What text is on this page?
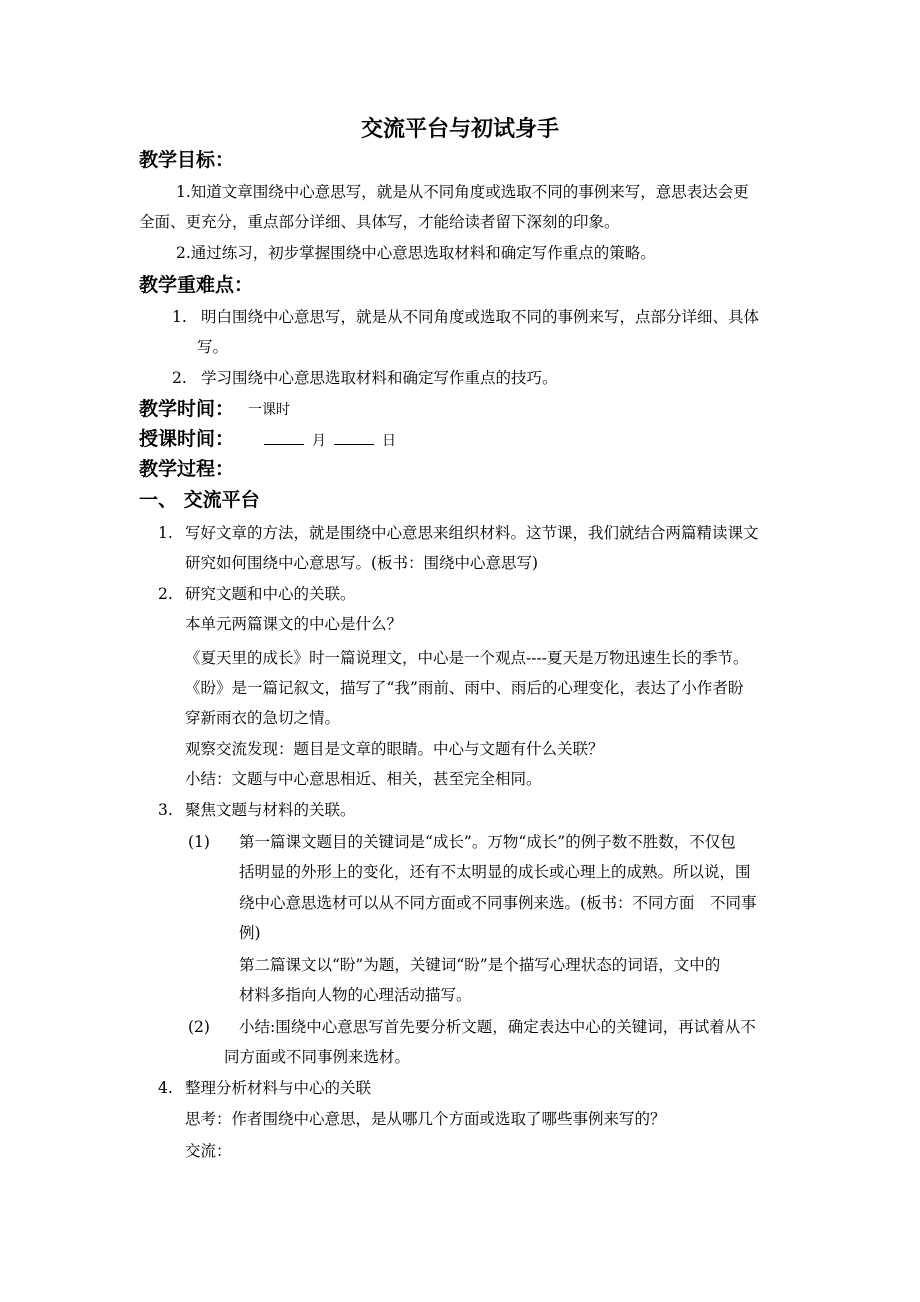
交流平台与初试身手
教学目标：
1.知道文章围绕中心意思写，就是从不同角度或选取不同的事例来写，意思表达会更
全面、更充分，重点部分详细、具体写，才能给读者留下深刻的印象。
2.通过练习，初步掌握围绕中心意思选取材料和确定写作重点的策略。
教学重难点：
1. 明白围绕中心意思写，就是从不同角度或选取不同的事例来写，点部分详细、具体
写。
2. 学习围绕中心意思选取材料和确定写作重点的技巧。
教学时间： 一课时
授课时间：	月	日
教学过程：
一、 交流平台
1. 写好文章的方法，就是围绕中心意思来组织材料。这节课，我们就结合两篇精读课文
研究如何围绕中心意思写。(板书：围绕中心意思写)
2. 研究文题和中心的关联。
本单元两篇课文的中心是什么？
《夏天里的成长》时一篇说理文，中心是一个观点----夏天是万物迅速生长的季节。
《盼》是一篇记叙文，描写了“我”雨前、雨中、雨后的心理变化，表达了小作者盼
穿新雨衣的急切之情。
观察交流发现：题目是文章的眼睛。中心与文题有什么关联？
小结：文题与中心意思相近、相关，甚至完全相同。
3. 聚焦文题与材料的关联。
(1) 第一篇课文题目的关键词是“成长”。万物“成长”的例子数不胜数，不仅包
括明显的外形上的变化，还有不太明显的成长或心理上的成熟。所以说，围
绕中心意思选材可以从不同方面或不同事例来选。(板书：不同方面　不同事
例)
第二篇课文以“盼”为题，关键词“盼”是个描写心理状态的词语，文中的
材料多指向人物的心理活动描写。
(2) 小结:围绕中心意思写首先要分析文题，确定表达中心的关键词，再试着从不
同方面或不同事例来选材。
4. 整理分析材料与中心的关联
思考：作者围绕中心意思，是从哪几个方面或选取了哪些事例来写的？
交流：
